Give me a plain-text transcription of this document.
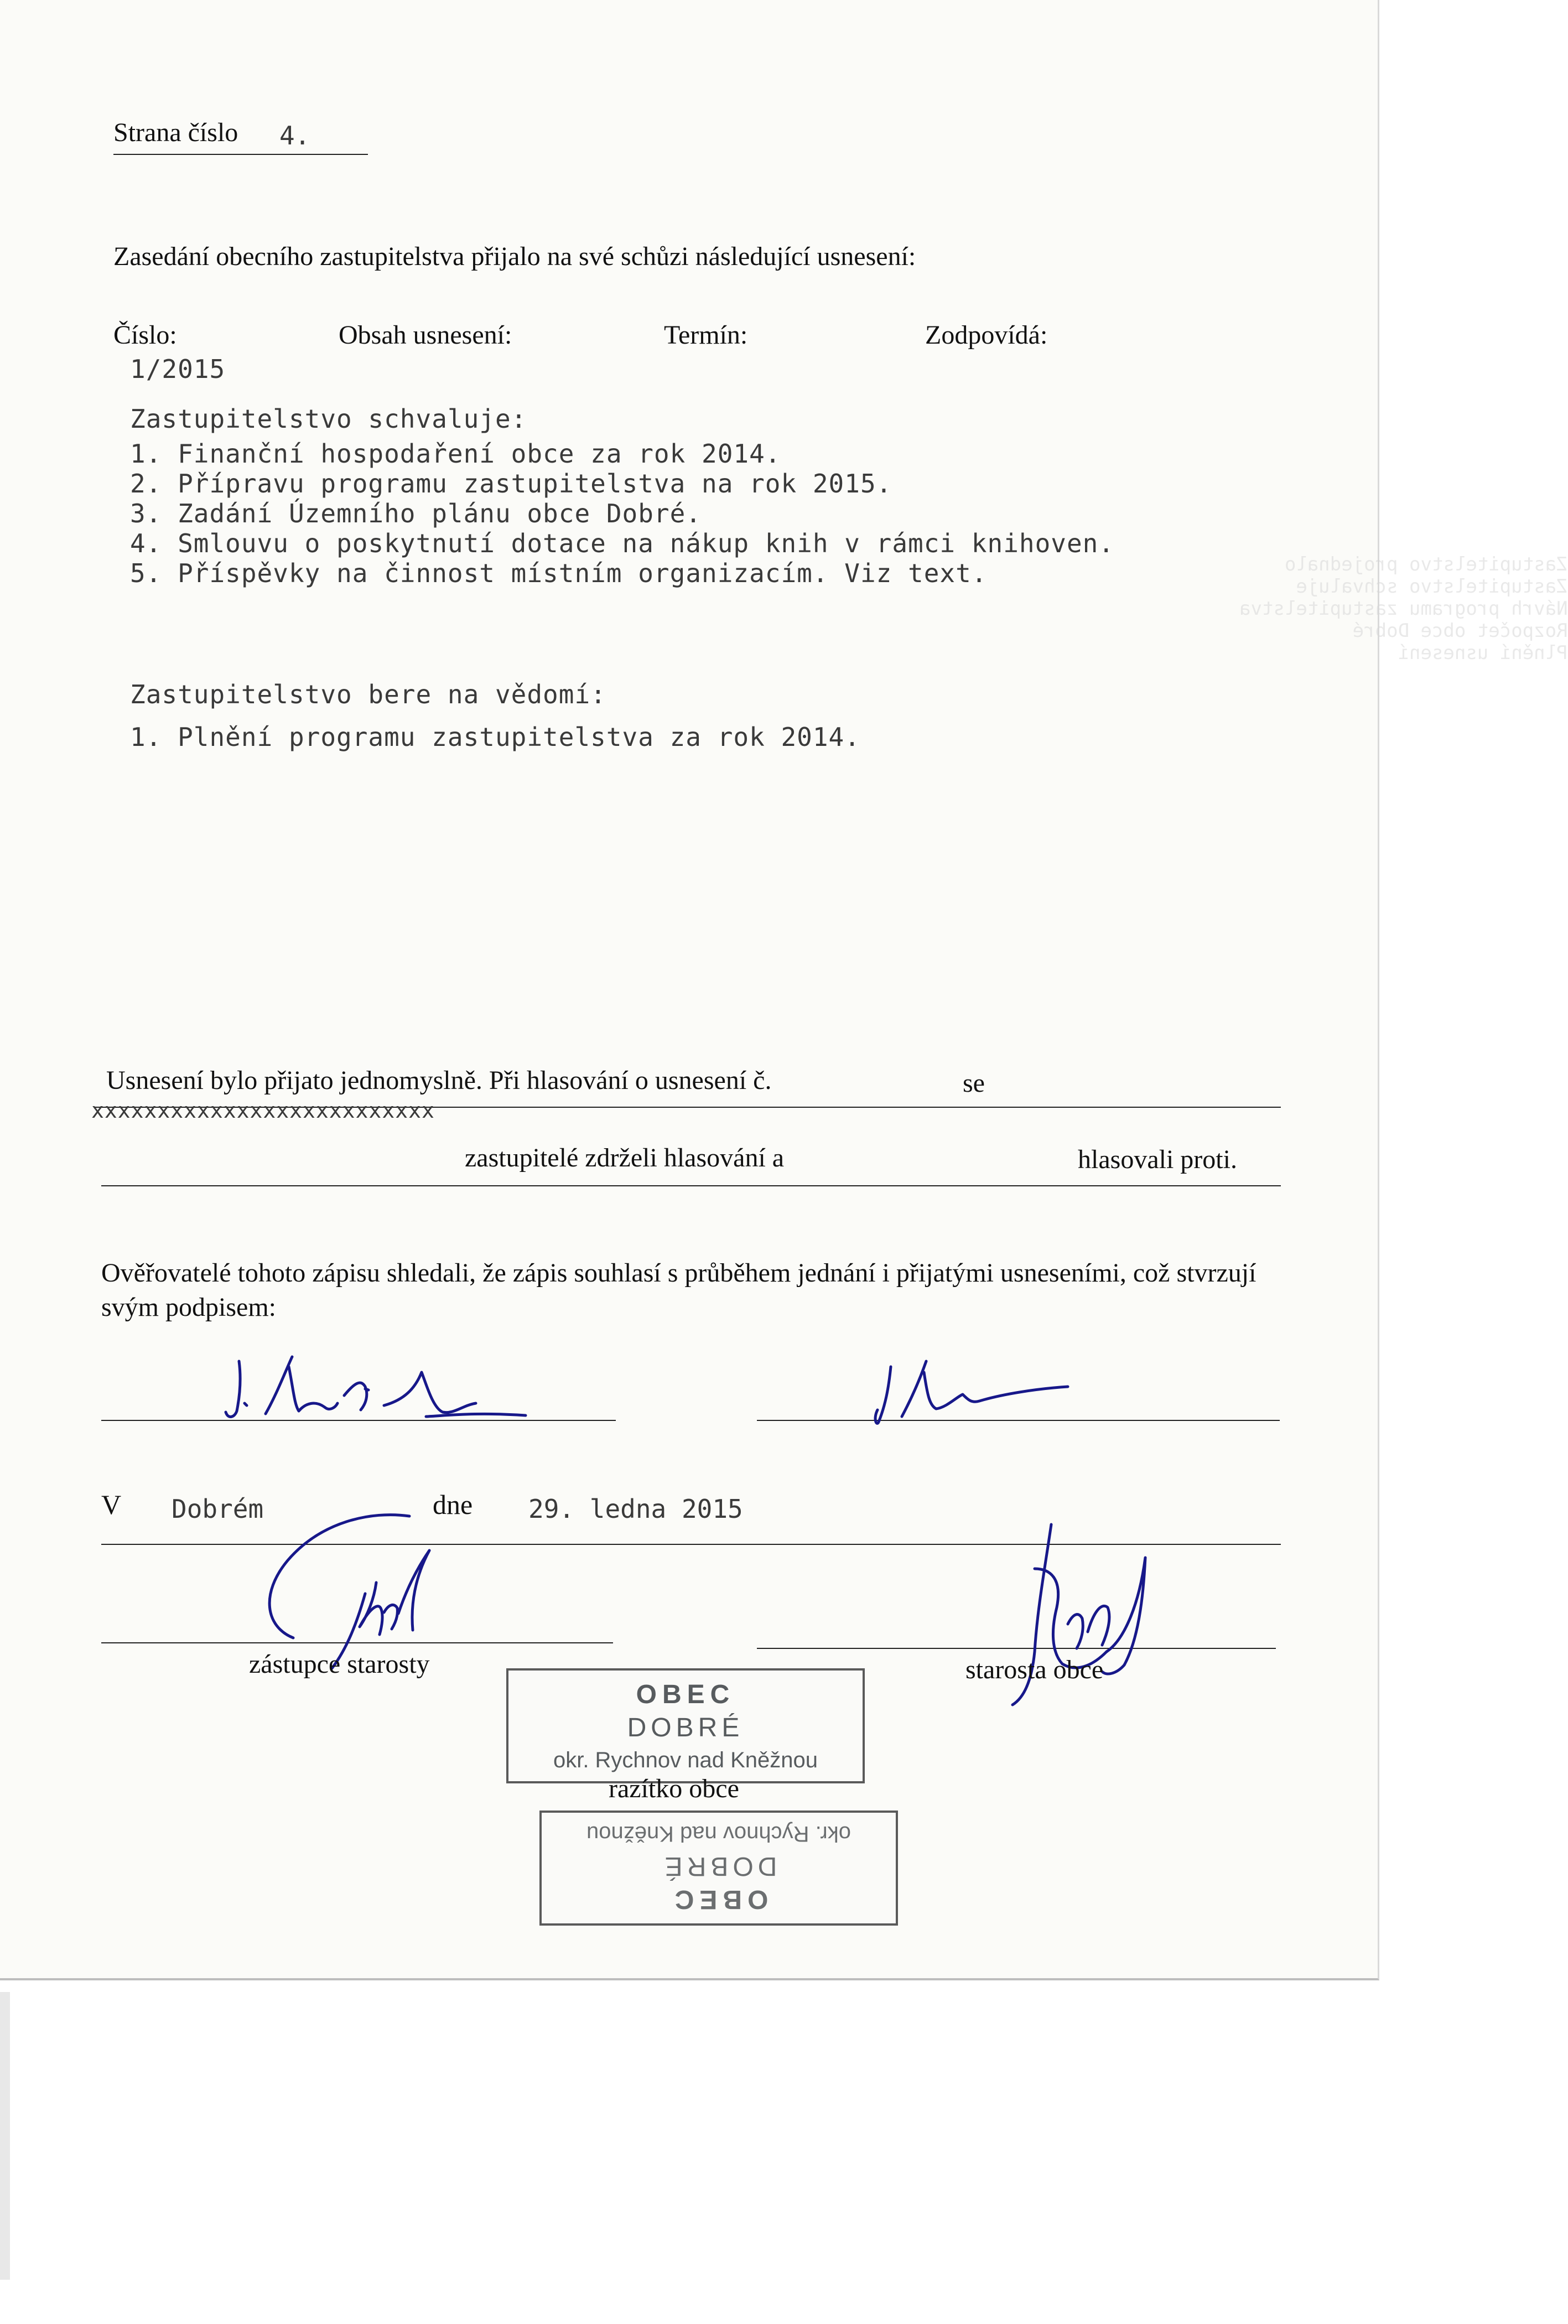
Zastupitelstvo projednalo
Zastupitelstvo schvaluje
Návrh programu zastupitelstva
Rozpočet obce Dobré
Plnění usnesení
Strana číslo 4.
Zasedání obecního zastupitelstva přijalo na své schůzi následující usnesení:
Číslo:	Obsah usnesení:	Termín:	Zodpovídá:
1/2015
Zastupitelstvo schvaluje:
1. Finanční hospodaření obce za rok 2014.
2. Přípravu programu zastupitelstva na rok 2015.
3. Zadání Územního plánu obce Dobré.
4. Smlouvu o poskytnutí dotace na nákup knih v rámci knihoven.
5. Příspěvky na činnost místním organizacím. Viz text.
Zastupitelstvo bere na vědomí:
1. Plnění programu zastupitelstva za rok 2014.
Usnesení bylo přijato jednomyslně. Při hlasování o usnesení č.	se
xxxxxxxxxxxxxxxxxxxxxxxxxx
zastupitelé zdrželi hlasování a	hlasovali proti.
Ověřovatelé tohoto zápisu shledali, že zápis souhlasí s průběhem jednání i přijatými usneseními, což stvrzují svým podpisem:
V Dobrém	dne 29. ledna 2015
zástupce starosty	starosta obce
OBEC
DOBRÉ
okr. Rychnov nad Kněžnou
razítko obce
OBEC
DOBRÉ
okr. Rychnov nad Kněžnou
